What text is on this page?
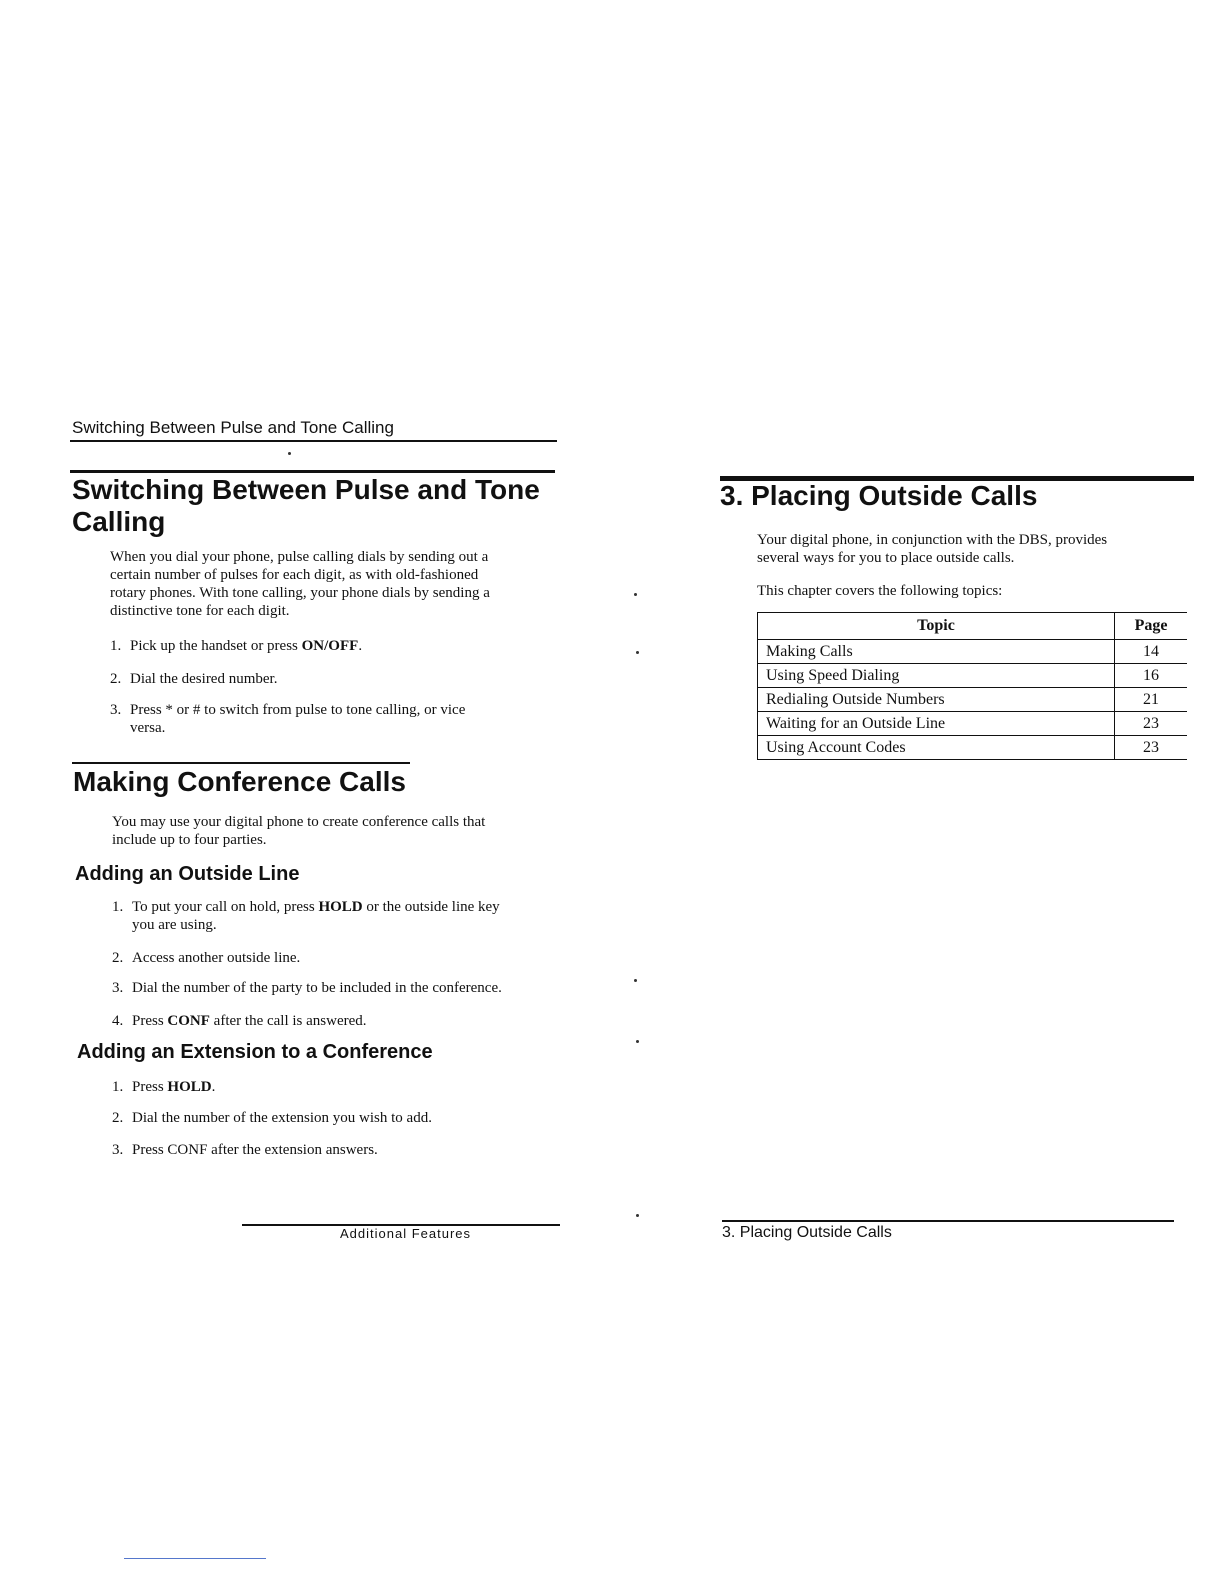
Switching Between Pulse and Tone Calling
Switching Between Pulse and Tone
Calling
When you dial your phone, pulse calling dials by sending out a
certain number of pulses for each digit, as with old-fashioned
rotary phones. With tone calling, your phone dials by sending a
distinctive tone for each digit.
1. Pick up the handset or press ON/OFF.
2. Dial the desired number.
3. Press * or # to switch from pulse to tone calling, or vice
versa.
Making Conference Calls
You may use your digital phone to create conference calls that
include up to four parties.
Adding an Outside Line
1. To put your call on hold, press HOLD or the outside line key
you are using.
2. Access another outside line.
3. Dial the number of the party to be included in the conference.
4. Press CONF after the call is answered.
Adding an Extension to a Conference
1. Press HOLD.
2. Dial the number of the extension you wish to add.
3. Press CONF after the extension answers.
Additional Features
3. Placing Outside Calls
Your digital phone, in conjunction with the DBS, provides
several ways for you to place outside calls.
This chapter covers the following topics:
Topic	Page
Making Calls	14
Using Speed Dialing	16
Redialing Outside Numbers	21
Waiting for an Outside Line	23
Using Account Codes	23
3. Placing Outside Calls
